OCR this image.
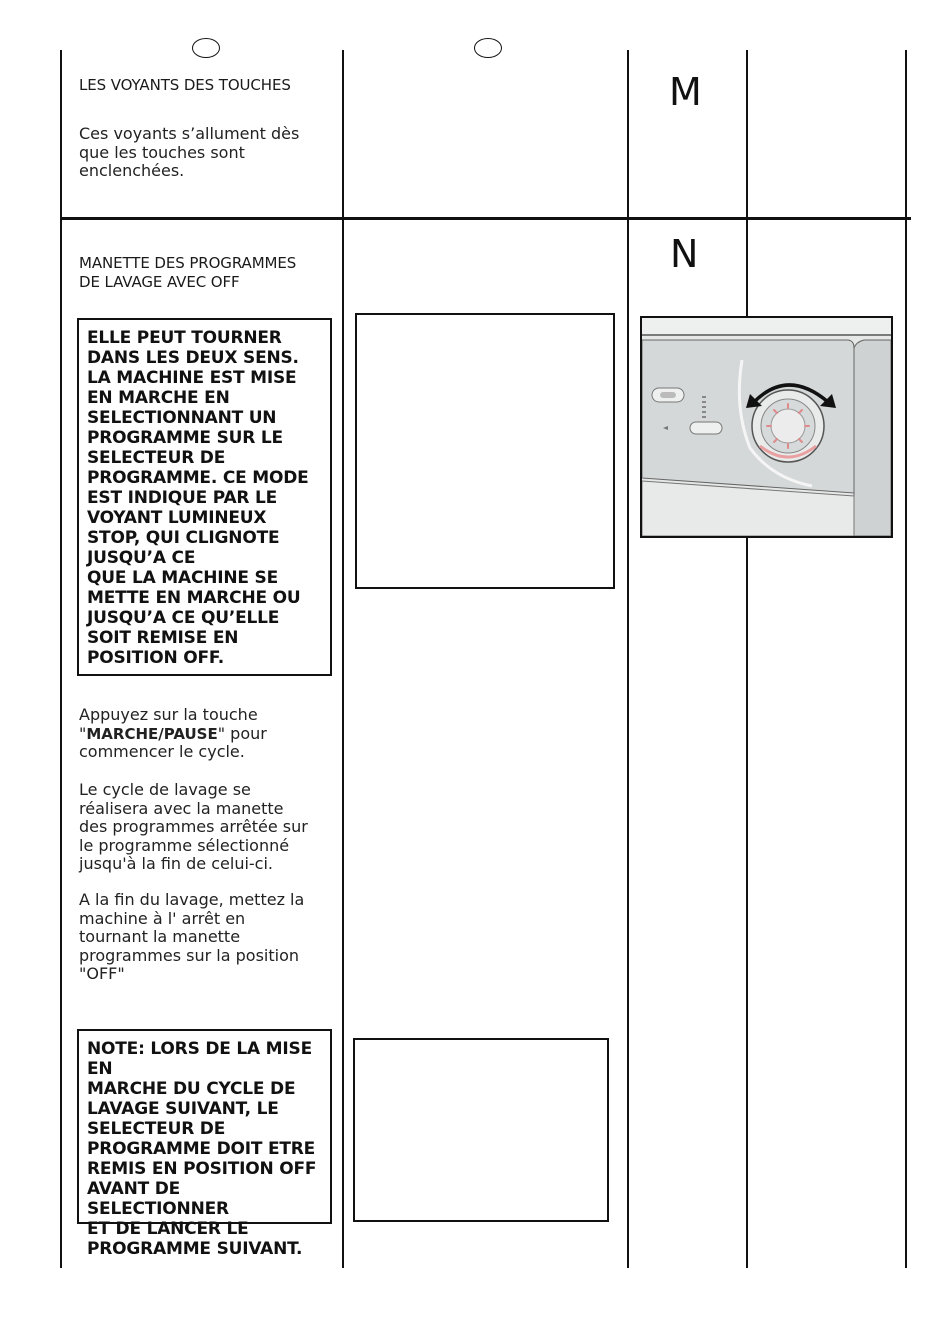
M
LES VOYANTS DES TOUCHES
Ces voyants s’allument dès
que les touches sont
enclenchées.
N
MANETTE DES PROGRAMMES
DE LAVAGE AVEC OFF
ELLE PEUT TOURNER
DANS LES DEUX SENS.
LA MACHINE EST MISE
EN MARCHE EN
SELECTIONNANT UN
PROGRAMME SUR LE
SELECTEUR DE
PROGRAMME. CE MODE
EST INDIQUE PAR LE
VOYANT LUMINEUX
STOP, QUI CLIGNOTE
JUSQU’A CE
QUE LA MACHINE SE
METTE EN MARCHE OU
JUSQU’A CE QU’ELLE
SOIT REMISE EN
POSITION OFF.
Appuyez sur la touche
"MARCHE/PAUSE" pour
commencer le cycle.
Le cycle de lavage se
réalisera avec la manette
des programmes arrêtée sur
le programme sélectionné
jusqu'à la fin de celui-ci.
A la fin du lavage, mettez la
machine à l' arrêt en
tournant la manette
programmes sur la position
"OFF"
NOTE: LORS DE LA MISE EN
MARCHE DU CYCLE DE
LAVAGE SUIVANT, LE
SELECTEUR DE
PROGRAMME DOIT ETRE
REMIS EN POSITION OFF
AVANT DE SELECTIONNER
ET DE LANCER LE
PROGRAMME SUIVANT.
